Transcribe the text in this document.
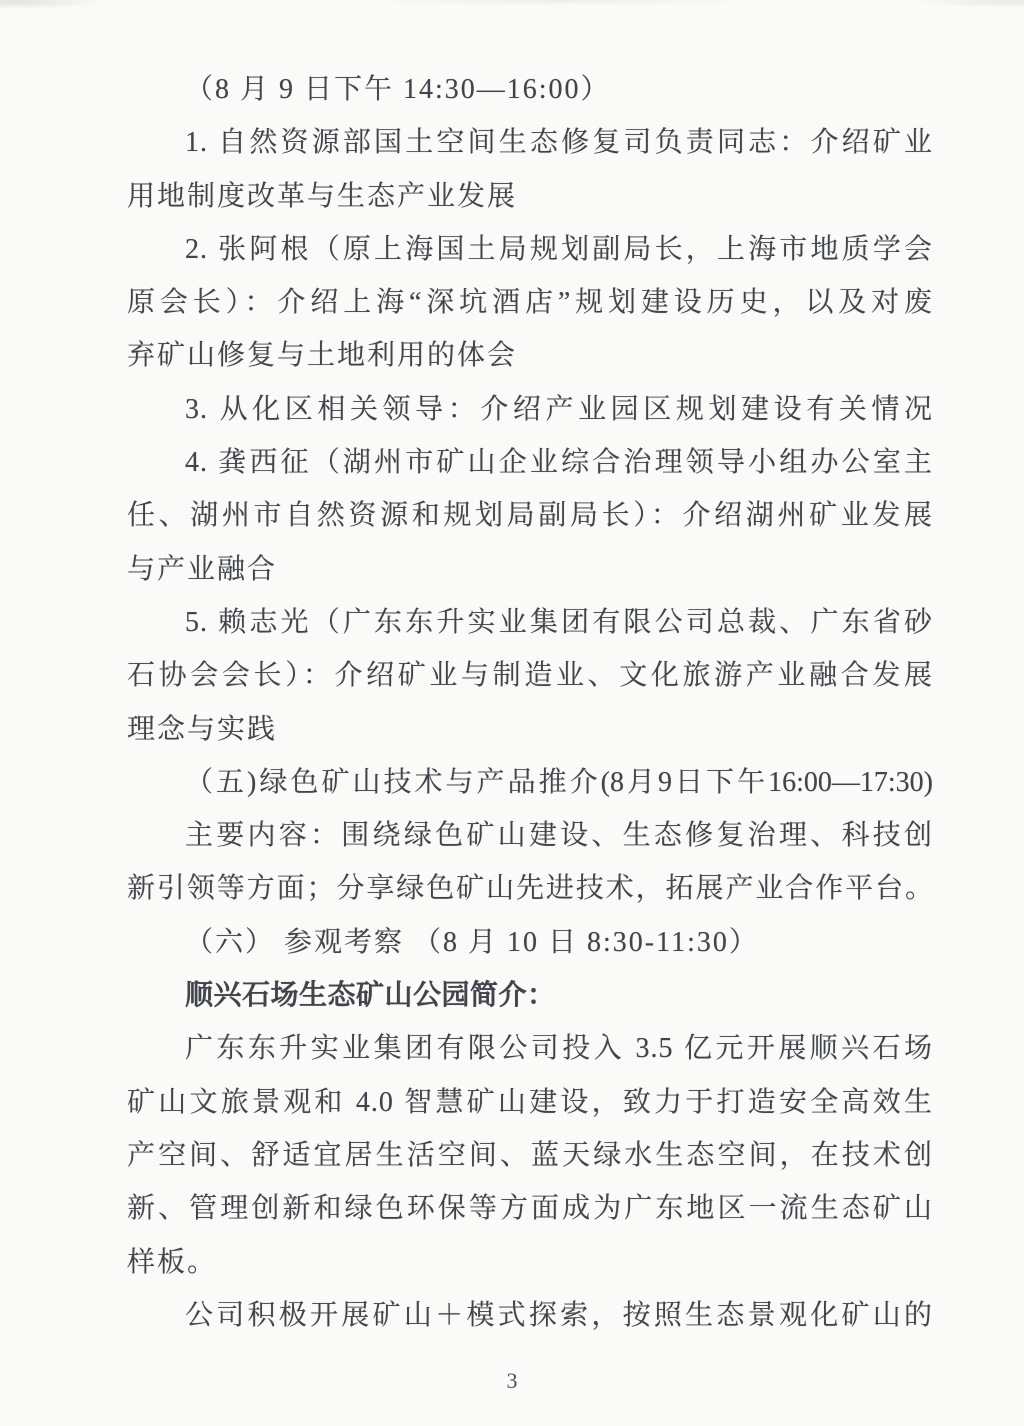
（8 月 9 日下午 14:30—16:00）
1. 自然资源部国土空间生态修复司负责同志：介绍矿业
用地制度改革与生态产业发展
2. 张阿根（原上海国土局规划副局长，上海市地质学会
原会长）：介绍上海“深坑酒店”规划建设历史，以及对废
弃矿山修复与土地利用的体会
3. 从化区相关领导：介绍产业园区规划建设有关情况
4. 龚西征（湖州市矿山企业综合治理领导小组办公室主
任、湖州市自然资源和规划局副局长）：介绍湖州矿业发展
与产业融合
5. 赖志光（广东东升实业集团有限公司总裁、广东省砂
石协会会长）：介绍矿业与制造业、文化旅游产业融合发展
理念与实践
（五)绿色矿山技术与产品推介(8月9日下午16:00—17:30)
主要内容：围绕绿色矿山建设、生态修复治理、科技创
新引领等方面；分享绿色矿山先进技术，拓展产业合作平台。
（六） 参观考察 （8 月 10 日 8:30-11:30）
顺兴石场生态矿山公园简介：
广东东升实业集团有限公司投入 3.5 亿元开展顺兴石场
矿山文旅景观和 4.0 智慧矿山建设，致力于打造安全高效生
产空间、舒适宜居生活空间、蓝天绿水生态空间，在技术创
新、管理创新和绿色环保等方面成为广东地区一流生态矿山
样板。
公司积极开展矿山＋模式探索，按照生态景观化矿山的
3
